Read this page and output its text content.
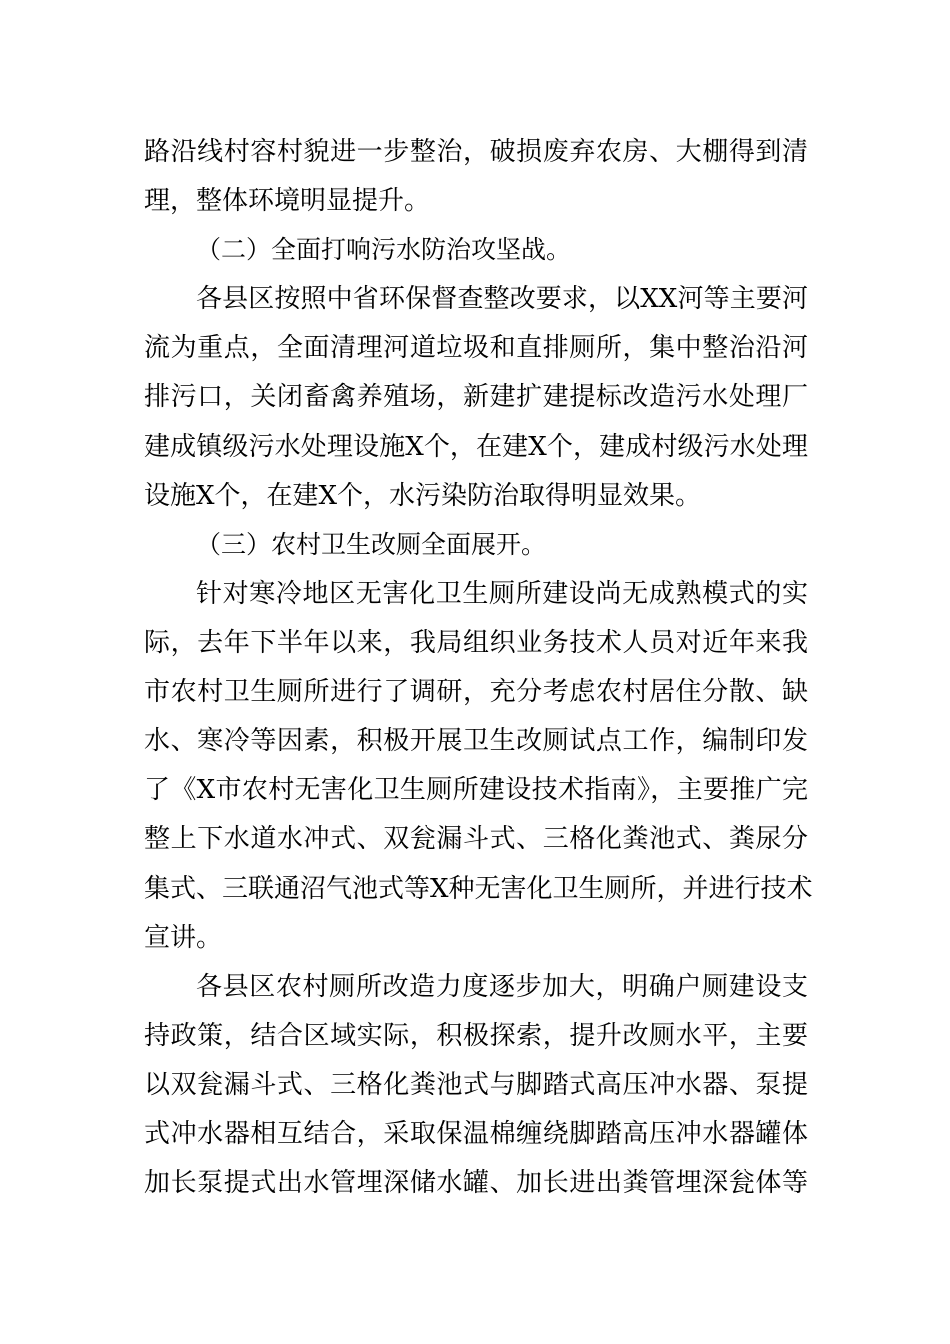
路沿线村容村貌进一步整治，破损废弃农房、大棚得到清
理，整体环境明显提升。
（二）全面打响污水防治攻坚战。
各县区按照中省环保督查整改要求，以XX河等主要河
流为重点，全面清理河道垃圾和直排厕所，集中整治沿河
排污口，关闭畜禽养殖场，新建扩建提标改造污水处理厂
建成镇级污水处理设施X个，在建X个，建成村级污水处理
设施X个，在建X个，水污染防治取得明显效果。
（三）农村卫生改厕全面展开。
针对寒冷地区无害化卫生厕所建设尚无成熟模式的实
际，去年下半年以来，我局组织业务技术人员对近年来我
市农村卫生厕所进行了调研，充分考虑农村居住分散、缺
水、寒冷等因素，积极开展卫生改厕试点工作，编制印发
了《X市农村无害化卫生厕所建设技术指南》，主要推广完
整上下水道水冲式、双瓮漏斗式、三格化粪池式、粪尿分
集式、三联通沼气池式等X种无害化卫生厕所，并进行技术
宣讲。
各县区农村厕所改造力度逐步加大，明确户厕建设支
持政策，结合区域实际，积极探索，提升改厕水平，主要
以双瓮漏斗式、三格化粪池式与脚踏式高压冲水器、泵提
式冲水器相互结合，采取保温棉缠绕脚踏高压冲水器罐体
加长泵提式出水管埋深储水罐、加长进出粪管埋深瓮体等
